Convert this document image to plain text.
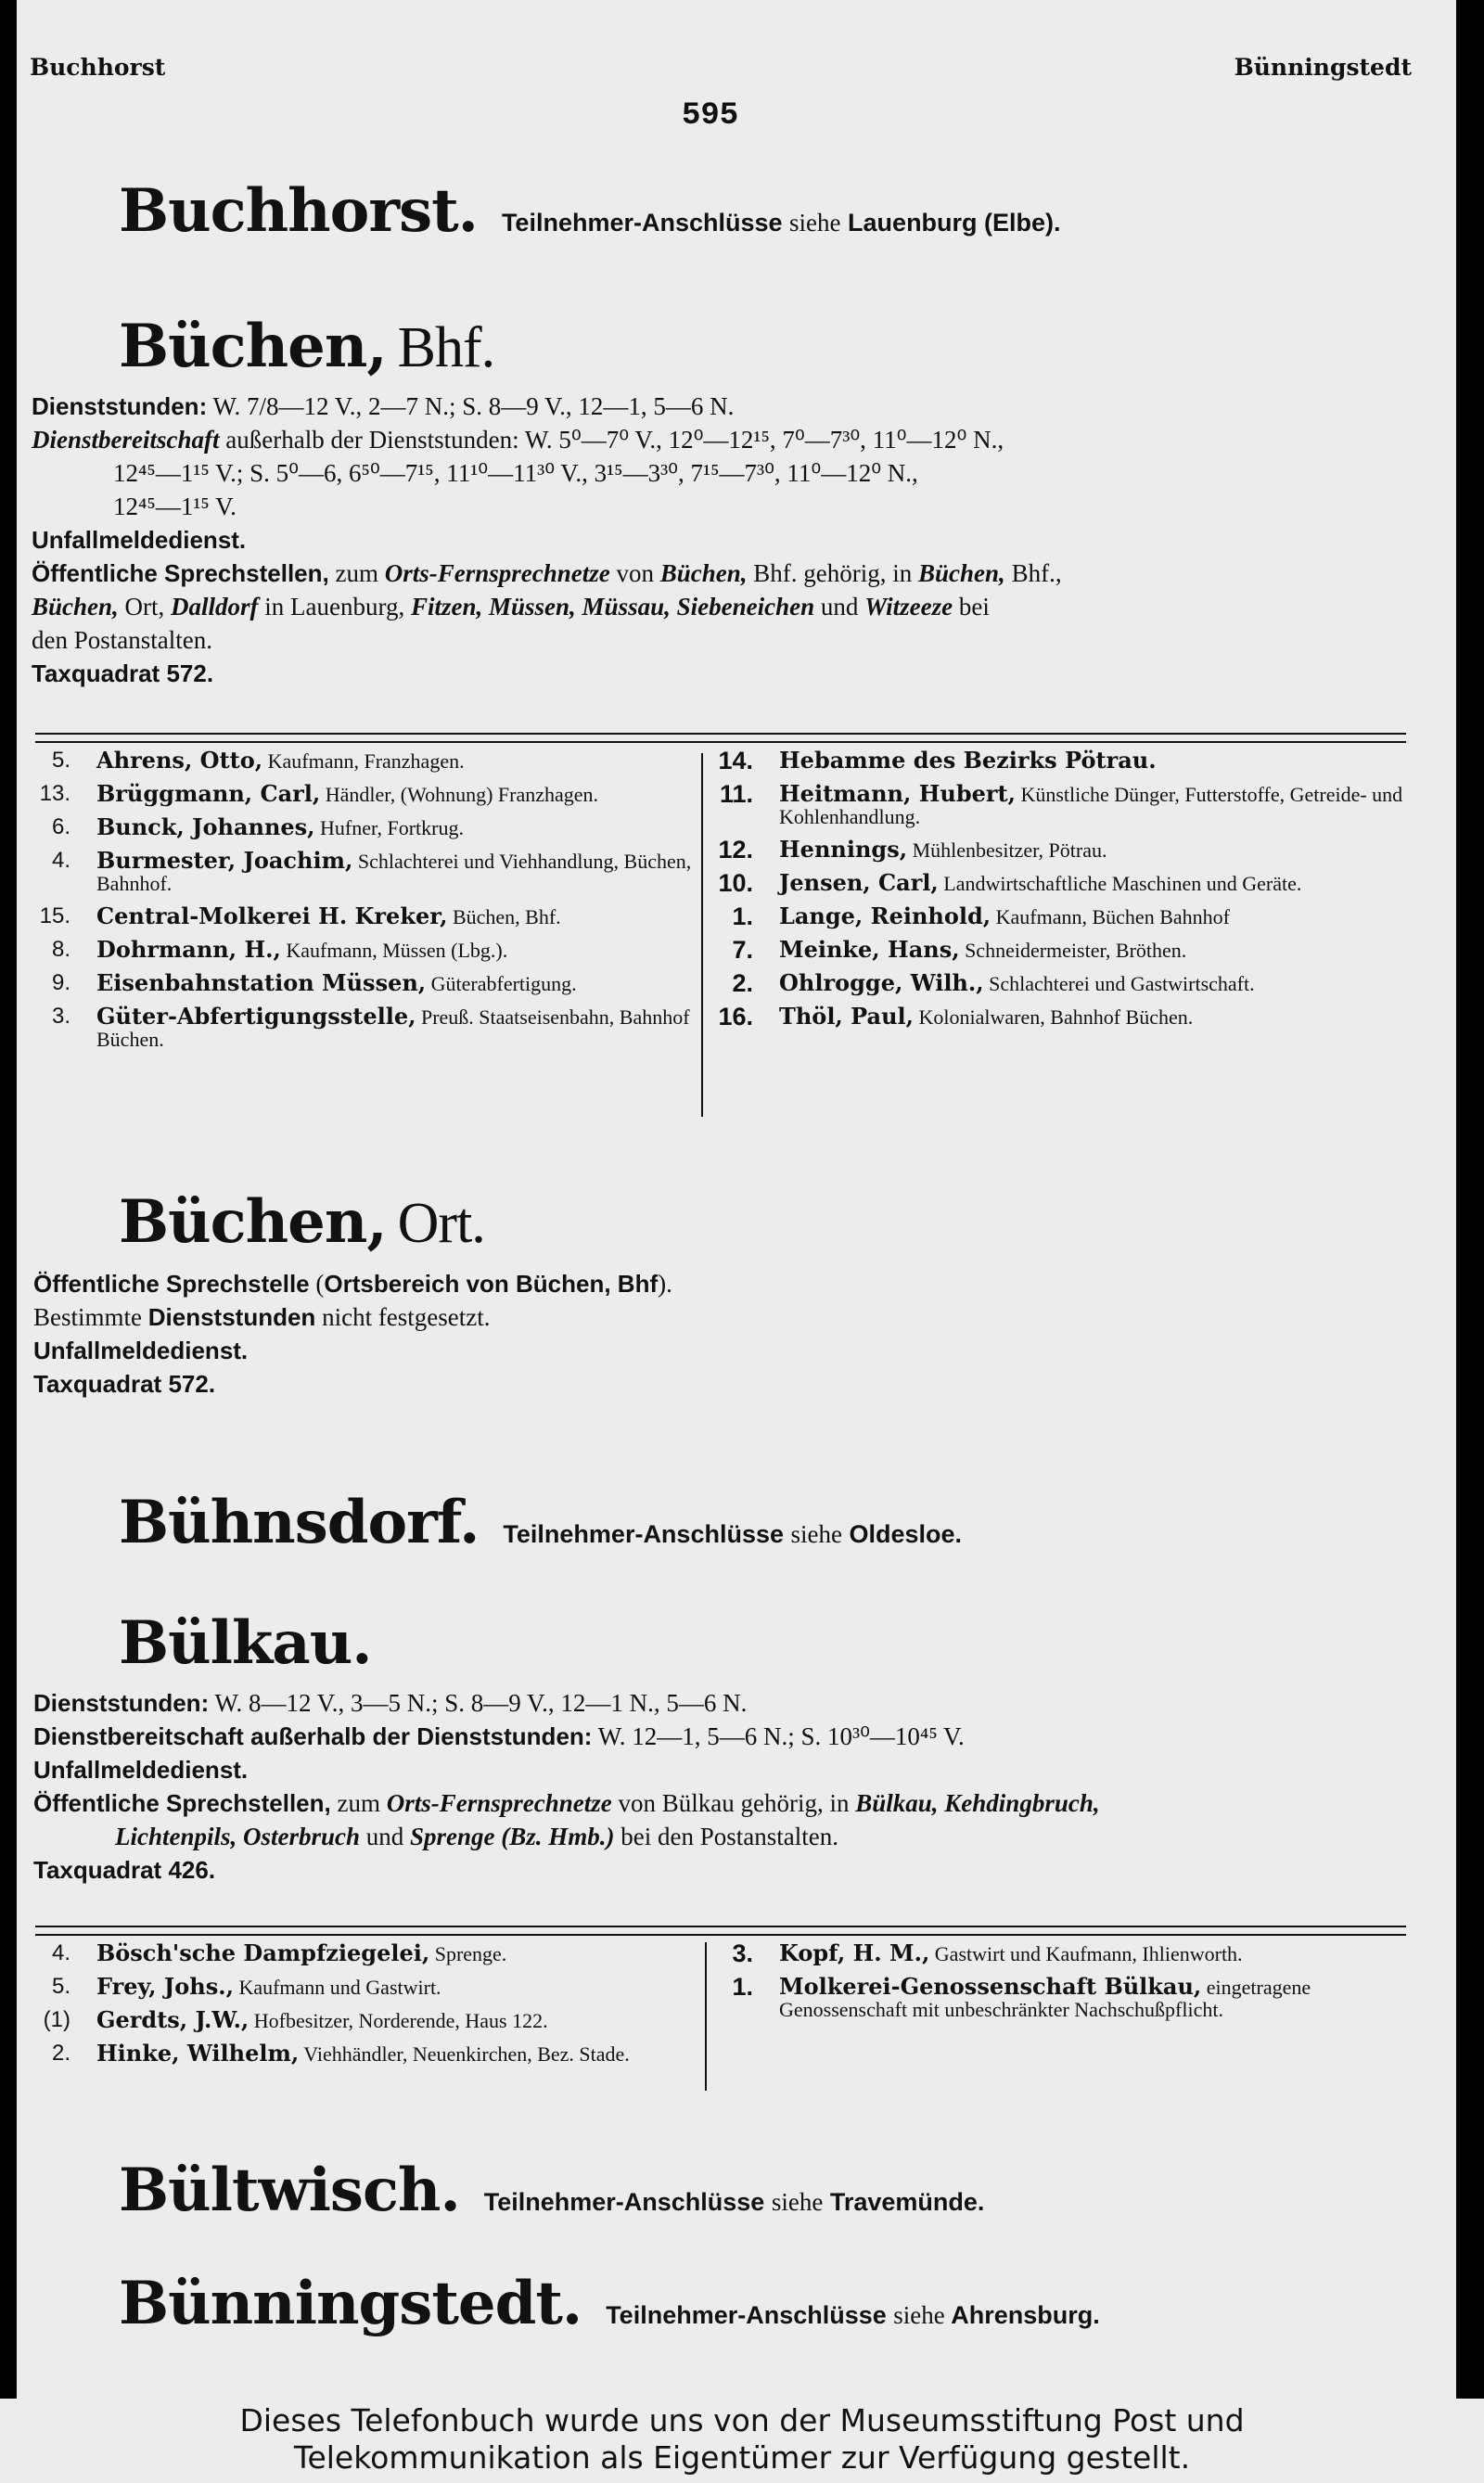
Buchhorst	Bünningstedt
595
Buchhorst. Teilnehmer-Anschlüsse siehe Lauenburg (Elbe).
Büchen, Bhf.
Dienststunden: W. 7/8—12 V., 2—7 N.; S. 8—9 V., 12—1, 5—6 N.
Dienstbereitschaft außerhalb der Dienststunden: W. 5⁰—7⁰ V., 12⁰—12¹⁵, 7⁰—7³⁰, 11⁰—12⁰ N.,
12⁴⁵—1¹⁵ V.; S. 5⁰—6, 6⁵⁰—7¹⁵, 11¹⁰—11³⁰ V., 3¹⁵—3³⁰, 7¹⁵—7³⁰, 11⁰—12⁰ N.,
12⁴⁵—1¹⁵ V.
Unfallmeldedienst.
Öffentliche Sprechstellen, zum Orts-Fernsprechnetze von Büchen, Bhf. gehörig, in Büchen, Bhf.,
Büchen, Ort, Dalldorf in Lauenburg, Fitzen, Müssen, Müssau, Siebeneichen und Witzeeze bei
den Postanstalten.
Taxquadrat 572.
5. Ahrens, Otto, Kaufmann, Franzhagen.
13. Brüggmann, Carl, Händler, (Wohnung) Franzhagen.
6. Bunck, Johannes, Hufner, Fortkrug.
4. Burmester, Joachim, Schlachterei und Viehhandlung, Büchen, Bahnhof.
15. Central-Molkerei H. Kreker, Büchen, Bhf.
8. Dohrmann, H., Kaufmann, Müssen (Lbg.).
9. Eisenbahnstation Müssen, Güterabfertigung.
3. Güter-Abfertigungsstelle, Preuß. Staatseisenbahn, Bahnhof Büchen.
14. Hebamme des Bezirks Pötrau.
11. Heitmann, Hubert, Künstliche Dünger, Futterstoffe, Getreide- und Kohlenhandlung.
12. Hennings, Mühlenbesitzer, Pötrau.
10. Jensen, Carl, Landwirtschaftliche Maschinen und Geräte.
1. Lange, Reinhold, Kaufmann, Büchen Bahnhof
7. Meinke, Hans, Schneidermeister, Bröthen.
2. Ohlrogge, Wilh., Schlachterei und Gastwirtschaft.
16. Thöl, Paul, Kolonialwaren, Bahnhof Büchen.
Büchen, Ort.
Öffentliche Sprechstelle (Ortsbereich von Büchen, Bhf).
Bestimmte Dienststunden nicht festgesetzt.
Unfallmeldedienst.
Taxquadrat 572.
Bühnsdorf. Teilnehmer-Anschlüsse siehe Oldesloe.
Bülkau.
Dienststunden: W. 8—12 V., 3—5 N.; S. 8—9 V., 12—1 N., 5—6 N.
Dienstbereitschaft außerhalb der Dienststunden: W. 12—1, 5—6 N.; S. 10³⁰—10⁴⁵ V.
Unfallmeldedienst.
Öffentliche Sprechstellen, zum Orts-Fernsprechnetze von Bülkau gehörig, in Bülkau, Kehdingbruch,
Lichtenpils, Osterbruch und Sprenge (Bz. Hmb.) bei den Postanstalten.
Taxquadrat 426.
4. Bösch'sche Dampfziegelei, Sprenge.
5. Frey, Johs., Kaufmann und Gastwirt.
(1) Gerdts, J.W., Hofbesitzer, Norderende, Haus 122.
2. Hinke, Wilhelm, Viehhändler, Neuenkirchen, Bez. Stade.
3. Kopf, H. M., Gastwirt und Kaufmann, Ihlienworth.
1. Molkerei-Genossenschaft Bülkau, eingetragene Genossenschaft mit unbeschränkter Nachschußpflicht.
Bültwisch. Teilnehmer-Anschlüsse siehe Travemünde.
Bünningstedt. Teilnehmer-Anschlüsse siehe Ahrensburg.
Dieses Telefonbuch wurde uns von der Museumsstiftung Post und
Telekommunikation als Eigentümer zur Verfügung gestellt.
